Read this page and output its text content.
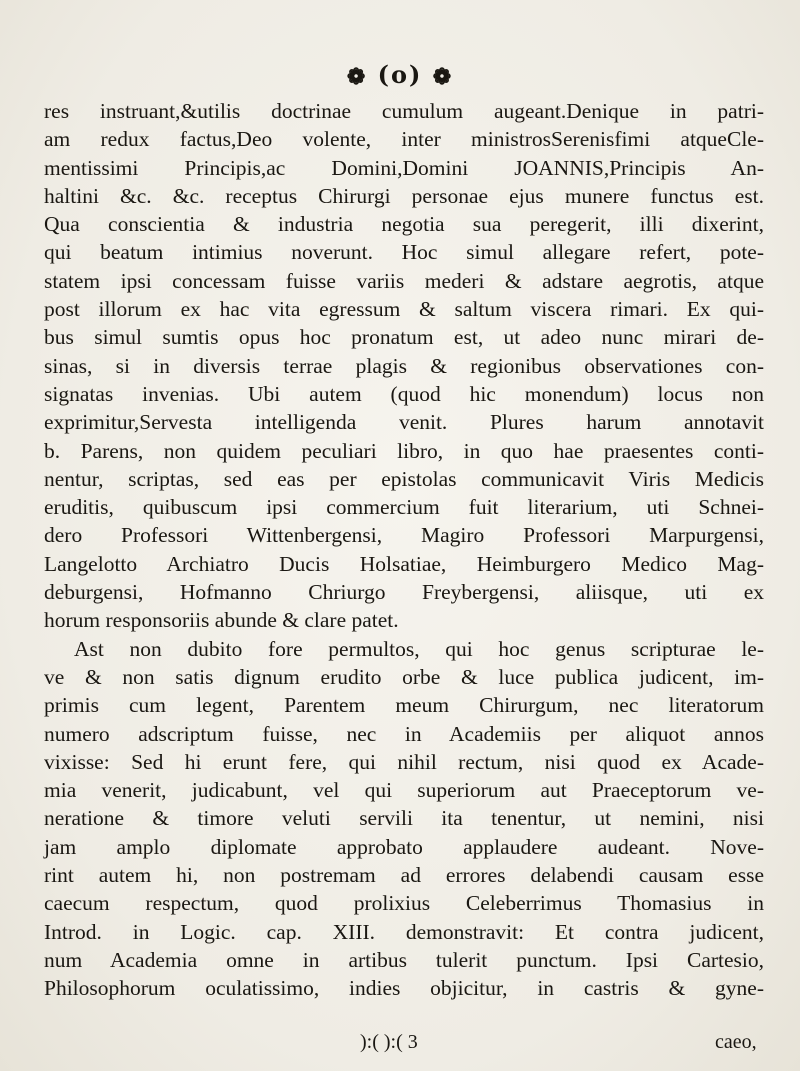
❁ (o) ❁
res instruant,&utilis doctrinae cumulum augeant.Denique in patri-
am redux factus,Deo volente, inter ministrosSerenisfimi atqueCle-
mentissimi Principis,ac Domini,Domini JOANNIS,Principis An-
haltini &c. &c. receptus Chirurgi personae ejus munere functus est.
Qua conscientia & industria negotia sua peregerit, illi dixerint,
qui beatum intimius noverunt. Hoc simul allegare refert, pote-
statem ipsi concessam fuisse variis mederi & adstare aegrotis, atque
post illorum ex hac vita egressum & saltum viscera rimari. Ex qui-
bus simul sumtis opus hoc pronatum est, ut adeo nunc mirari de-
sinas, si in diversis terrae plagis & regionibus observationes con-
signatas invenias. Ubi autem (quod hic monendum) locus non
exprimitur,Servesta intelligenda venit. Plures harum annotavit
b. Parens, non quidem peculiari libro, in quo hae praesentes conti-
nentur, scriptas, sed eas per epistolas communicavit Viris Medicis
eruditis, quibuscum ipsi commercium fuit literarium, uti Schnei-
dero Professori Wittenbergensi, Magiro Professori Marpurgensi,
Langelotto Archiatro Ducis Holsatiae, Heimburgero Medico Mag-
deburgensi, Hofmanno Chriurgo Freybergensi, aliisque, uti ex
horum responsoriis abunde & clare patet.
Ast non dubito fore permultos, qui hoc genus scripturae le-
ve & non satis dignum erudito orbe & luce publica judicent, im-
primis cum legent, Parentem meum Chirurgum, nec literatorum
numero adscriptum fuisse, nec in Academiis per aliquot annos
vixisse: Sed hi erunt fere, qui nihil rectum, nisi quod ex Acade-
mia venerit, judicabunt, vel qui superiorum aut Praeceptorum ve-
neratione & timore veluti servili ita tenentur, ut nemini, nisi
jam amplo diplomate approbato applaudere audeant. Nove-
rint autem hi, non postremam ad errores delabendi causam esse
caecum respectum, quod prolixius Celeberrimus Thomasius in
Introd. in Logic. cap. XIII. demonstravit: Et contra judicent,
num Academia omne in artibus tulerit punctum. Ipsi Cartesio,
Philosophorum oculatissimo, indies objicitur, in castris & gyne-
):( ):( 3	caeo,
